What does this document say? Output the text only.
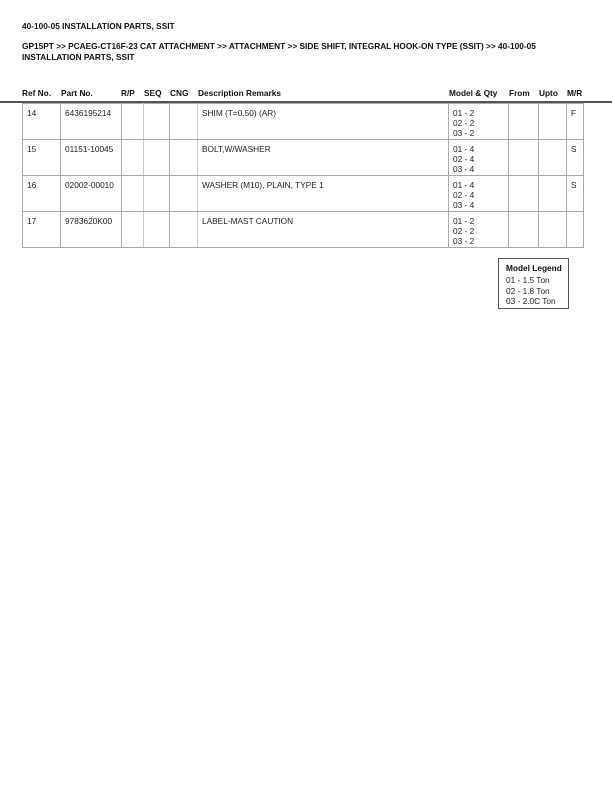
40-100-05 INSTALLATION PARTS, SSIT
GP15PT >> PCAEG-CT16F-23 CAT ATTACHMENT >> ATTACHMENT >> SIDE SHIFT, INTEGRAL HOOK-ON TYPE (SSIT) >> 40-100-05 INSTALLATION PARTS, SSIT
Ref No. Part No.	R/P SEQ CNG Description Remarks	Model & Qty From Upto M/R
14	6436195214				SHIM (T=0.50) (AR)	01 - 2
02 - 2
03 - 2			F
15	01151-10045				BOLT,W/WASHER	01 - 4
02 - 4
03 - 4			S
16	02002-00010				WASHER (M10), PLAIN, TYPE 1	01 - 4
02 - 4
03 - 4			S
17	9783620K00				LABEL-MAST CAUTION	01 - 2
02 - 2
03 - 2			

Model Legend
01 - 1.5 Ton
02 - 1.8 Ton
03 - 2.0C Ton
